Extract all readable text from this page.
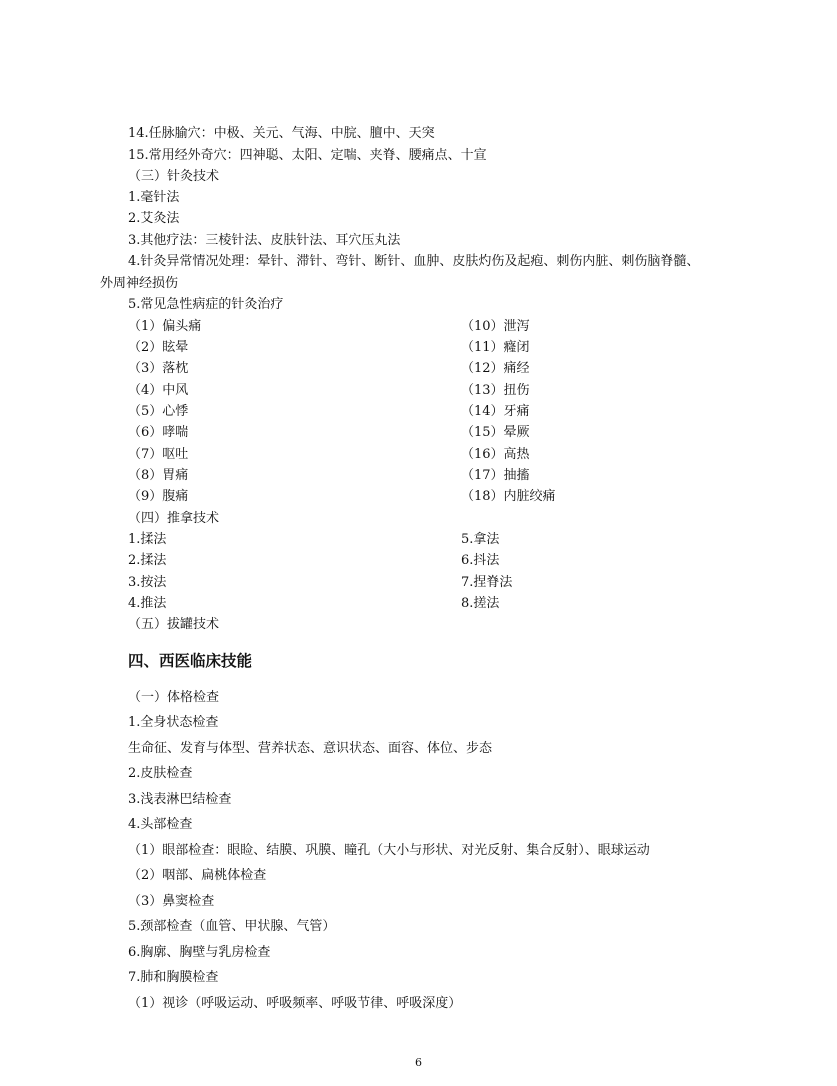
14.任脉腧穴：中极、关元、气海、中脘、膻中、天突
15.常用经外奇穴：四神聪、太阳、定喘、夹脊、腰痛点、十宣
（三）针灸技术
1.毫针法
2.艾灸法
3.其他疗法：三棱针法、皮肤针法、耳穴压丸法
4.针灸异常情况处理：晕针、滞针、弯针、断针、血肿、皮肤灼伤及起疱、刺伤内脏、刺伤脑脊髓、
外周神经损伤
5.常见急性病症的针灸治疗
（1）偏头痛
（2）眩晕
（3）落枕
（4）中风
（5）心悸
（6）哮喘
（7）呕吐
（8）胃痛
（9）腹痛
（10）泄泻
（11）癃闭
（12）痛经
（13）扭伤
（14）牙痛
（15）晕厥
（16）高热
（17）抽搐
（18）内脏绞痛
（四）推拿技术
1.揉法
2.揉法
3.按法
4.推法
5.拿法
6.抖法
7.捏脊法
8.搓法
（五）拔罐技术
四、西医临床技能
（一）体格检查
1.全身状态检查
生命征、发育与体型、营养状态、意识状态、面容、体位、步态
2.皮肤检查
3.浅表淋巴结检查
4.头部检查
（1）眼部检查：眼睑、结膜、巩膜、瞳孔（大小与形状、对光反射、集合反射）、眼球运动
（2）咽部、扁桃体检查
（3）鼻窦检查
5.颈部检查（血管、甲状腺、气管）
6.胸廓、胸壁与乳房检查
7.肺和胸膜检查
（1）视诊（呼吸运动、呼吸频率、呼吸节律、呼吸深度）
6
